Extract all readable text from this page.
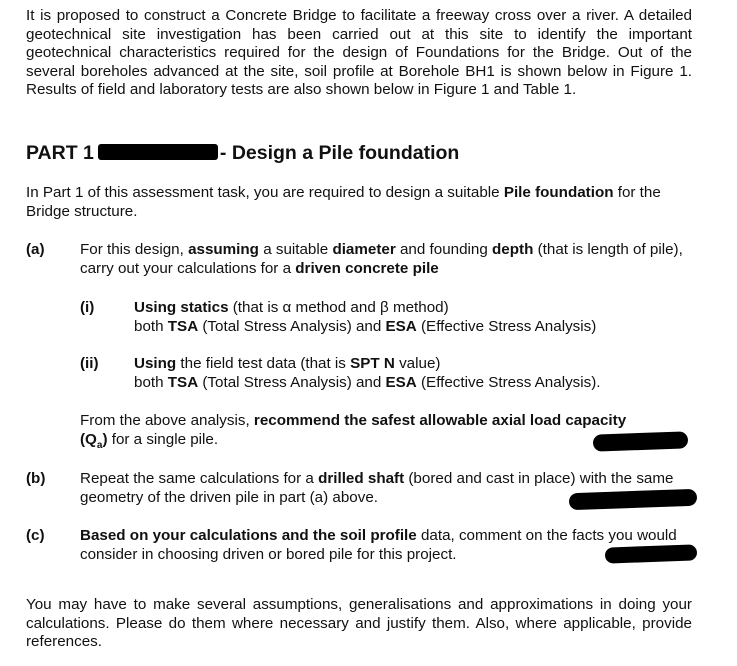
It is proposed to construct a Concrete Bridge to facilitate a freeway cross over a river. A detailed geotechnical site investigation has been carried out at this site to identify the important geotechnical characteristics required for the design of Foundations for the Bridge. Out of the several boreholes advanced at the site, soil profile at Borehole BH1 is shown below in Figure 1. Results of field and laboratory tests are also shown below in Figure 1 and Table 1.
PART 1	- Design a Pile foundation
In Part 1 of this assessment task, you are required to design a suitable Pile foundation for the Bridge structure.
(a) For this design, assuming a suitable diameter and founding depth (that is length of pile), carry out your calculations for a driven concrete pile
(i)	Using statics (that is α method and β method)
both TSA (Total Stress Analysis) and ESA (Effective Stress Analysis)
(ii) Using the field test data (that is SPT N value)
both TSA (Total Stress Analysis) and ESA (Effective Stress Analysis).
From the above analysis, recommend the safest allowable axial load capacity
$(Q_a)$ for a single pile.
(b) Repeat the same calculations for a drilled shaft (bored and cast in place) with the same geometry of the driven pile in part (a) above.
(c) Based on your calculations and the soil profile data, comment on the facts you would consider in choosing driven or bored pile for this project.
You may have to make several assumptions, generalisations and approximations in doing your calculations. Please do them where necessary and justify them. Also, where applicable, provide references.
